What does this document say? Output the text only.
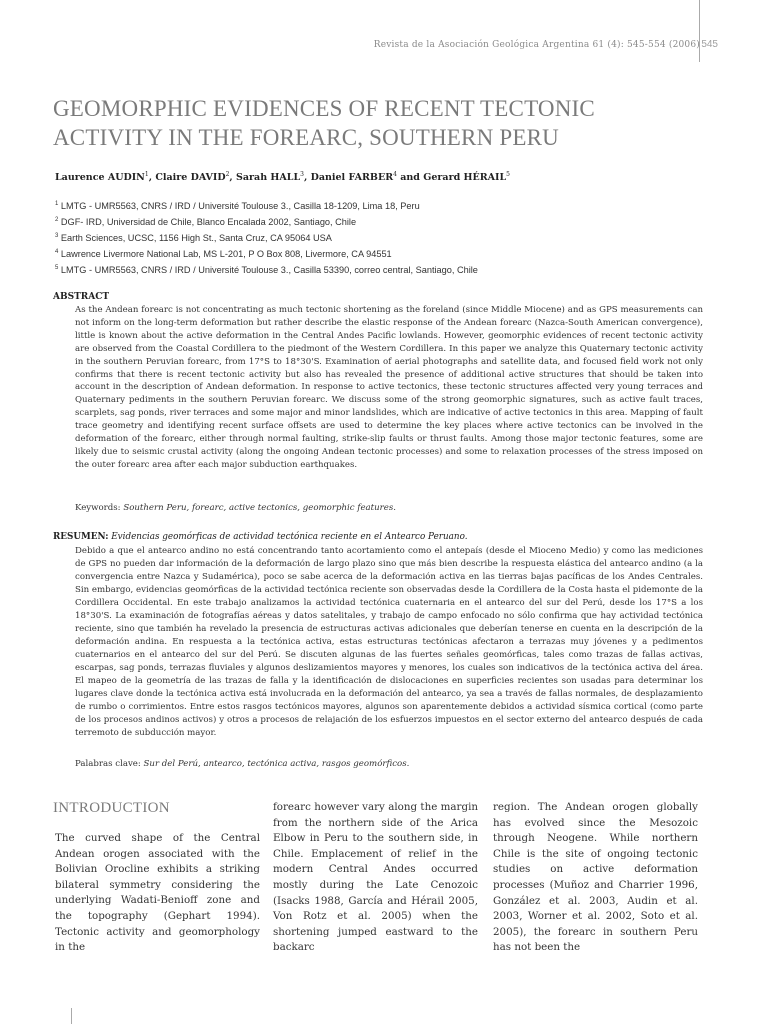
Revista de la Asociación Geológica Argentina 61 (4): 545-554 (2006) 545
GEOMORPHIC EVIDENCES OF RECENT TECTONIC ACTIVITY IN THE FOREARC, SOUTHERN PERU
Laurence AUDIN$^1$, Claire DAVID$^2$, Sarah HALL$^3$, Daniel FARBER$^4$ and Gerard HÉRAIL$^5$
$^1$ LMTG - UMR5563, CNRS / IRD / Université Toulouse 3., Casilla 18-1209, Lima 18, Peru
$^2$ DGF- IRD, Universidad de Chile, Blanco Encalada 2002, Santiago, Chile
$^3$ Earth Sciences, UCSC, 1156 High St., Santa Cruz, CA 95064 USA
$^4$ Lawrence Livermore National Lab, MS L-201, P O Box 808, Livermore, CA 94551
$^5$ LMTG - UMR5563, CNRS / IRD / Université Toulouse 3., Casilla 53390, correo central, Santiago, Chile
ABSTRACT
As the Andean forearc is not concentrating as much tectonic shortening as the foreland (since Middle Miocene) and as GPS measurements can not inform on the long-term deformation but rather describe the elastic response of the Andean forearc (Nazca-South American convergence), little is known about the active deformation in the Central Andes Pacific lowlands. However, geomorphic evidences of recent tectonic activity are observed from the Coastal Cordillera to the piedmont of the Western Cordillera. In this paper we analyze this Quaternary tectonic activity in the southern Peruvian forearc, from 17°S to 18°30'S. Examination of aerial photographs and satellite data, and focused field work not only confirms that there is recent tectonic activity but also has revealed the presence of additional active structures that should be taken into account in the description of Andean deformation. In response to active tectonics, these tectonic structures affected very young terraces and Quaternary pediments in the southern Peruvian forearc. We discuss some of the strong geomorphic signatures, such as active fault traces, scarplets, sag ponds, river terraces and some major and minor landslides, which are indicative of active tectonics in this area. Mapping of fault trace geometry and identifying recent surface offsets are used to determine the key places where active tectonics can be involved in the deformation of the forearc, either through normal faulting, strike-slip faults or thrust faults. Among those major tectonic features, some are likely due to seismic crustal activity (along the ongoing Andean tectonic processes) and some to relaxation processes of the stress imposed on the outer forearc area after each major subduction earthquakes.
Keywords: Southern Peru, forearc, active tectonics, geomorphic features.
RESUMEN: Evidencias geomórficas de actividad tectónica reciente en el Antearco Peruano.
Debido a que el antearco andino no está concentrando tanto acortamiento como el antepaís (desde el Mioceno Medio) y como las mediciones de GPS no pueden dar información de la deformación de largo plazo sino que más bien describe la respuesta elástica del antearco andino (a la convergencia entre Nazca y Sudamérica), poco se sabe acerca de la deformación activa en las tierras bajas pacíficas de los Andes Centrales. Sin embargo, evidencias geomórficas de la actividad tectónica reciente son observadas desde la Cordillera de la Costa hasta el pidemonte de la Cordillera Occidental. En este trabajo analizamos la actividad tectónica cuaternaria en el antearco del sur del Perú, desde los 17°S a los 18°30'S. La examinación de fotografías aéreas y datos satelitales, y trabajo de campo enfocado no sólo confirma que hay actividad tectónica reciente, sino que también ha revelado la presencia de estructuras activas adicionales que deberían tenerse en cuenta en la descripción de la deformación andina. En respuesta a la tectónica activa, estas estructuras tectónicas afectaron a terrazas muy jóvenes y a pedimentos cuaternarios en el antearco del sur del Perú. Se discuten algunas de las fuertes señales geomórficas, tales como trazas de fallas activas, escarpas, sag ponds, terrazas fluviales y algunos deslizamientos mayores y menores, los cuales son indicativos de la tectónica activa del área. El mapeo de la geometría de las trazas de falla y la identificación de dislocaciones en superficies recientes son usadas para determinar los lugares clave donde la tectónica activa está involucrada en la deformación del antearco, ya sea a través de fallas normales, de desplazamiento de rumbo o corrimientos. Entre estos rasgos tectónicos mayores, algunos son aparentemente debidos a actividad sísmica cortical (como parte de los procesos andinos activos) y otros a procesos de relajación de los esfuerzos impuestos en el sector externo del antearco después de cada terremoto de subducción mayor.
Palabras clave: Sur del Perú, antearco, tectónica activa, rasgos geomórficos.
INTRODUCTION
The curved shape of the Central Andean orogen associated with the Bolivian Orocline exhibits a striking bilateral symmetry considering the underlying Wadati-Benioff zone and the topography (Gephart 1994). Tectonic activity and geomorphology in the
forearc however vary along the margin from the northern side of the Arica Elbow in Peru to the southern side, in Chile. Emplacement of relief in the modern Central Andes occurred mostly during the Late Cenozoic (Isacks 1988, García and Hérail 2005, Von Rotz et al. 2005) when the shortening jumped eastward to the backarc
region. The Andean orogen globally has evolved since the Mesozoic through Neogene. While northern Chile is the site of ongoing tectonic studies on active deformation processes (Muñoz and Charrier 1996, González et al. 2003, Audin et al. 2003, Worner et al. 2002, Soto et al. 2005), the forearc in southern Peru has not been the
